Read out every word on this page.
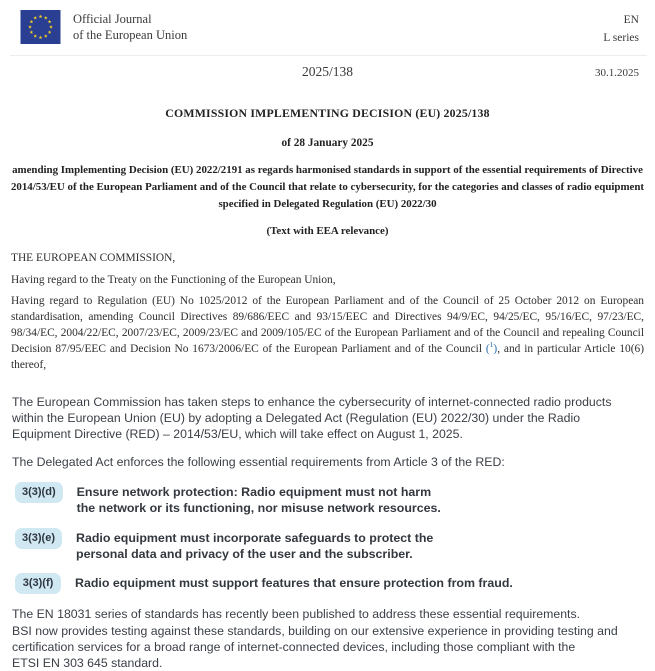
Official Journal
of the European Union
EN
L series
2025/138	30.1.2025
COMMISSION IMPLEMENTING DECISION (EU) 2025/138
of 28 January 2025
amending Implementing Decision (EU) 2022/2191 as regards harmonised standards in support of the essential requirements of Directive 2014/53/EU of the European Parliament and of the Council that relate to cybersecurity, for the categories and classes of radio equipment specified in Delegated Regulation (EU) 2022/30
(Text with EEA relevance)

THE EUROPEAN COMMISSION,

Having regard to the Treaty on the Functioning of the European Union,

Having regard to Regulation (EU) No 1025/2012 of the European Parliament and of the Council of 25 October 2012 on European standardisation, amending Council Directives 89/686/EEC and 93/15/EEC and Directives 94/9/EC, 94/25/EC, 95/16/EC, 97/23/EC, 98/34/EC, 2004/22/EC, 2007/23/EC, 2009/23/EC and 2009/105/EC of the European Parliament and of the Council and repealing Council Decision 87/95/EEC and Decision No 1673/2006/EC of the European Parliament and of the Council ($^1$), and in particular Article 10(6) thereof,

The European Commission has taken steps to enhance the cybersecurity of internet-connected radio products
within the European Union (EU) by adopting a Delegated Act (Regulation (EU) 2022/30) under the Radio
Equipment Directive (RED) – 2014/53/EU, which will take effect on August 1, 2025.

The Delegated Act enforces the following essential requirements from Article 3 of the RED:

3(3)(d)	Ensure network protection: Radio equipment must not harm
the network or its functioning, nor misuse network resources.
3(3)(e)	Radio equipment must incorporate safeguards to protect the
personal data and privacy of the user and the subscriber.
3(3)(f)	Radio equipment must support features that ensure protection from fraud.

The EN 18031 series of standards has recently been published to address these essential requirements.
BSI now provides testing against these standards, building on our extensive experience in providing testing and
certification services for a broad range of internet-connected devices, including those compliant with the
ETSI EN 303 645 standard.
